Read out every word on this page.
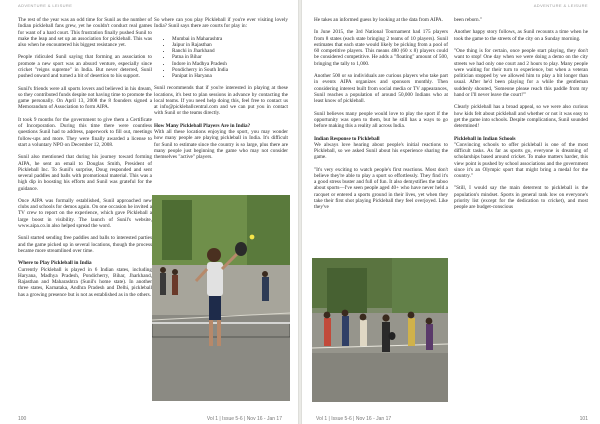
ADVENTURE & LEISURE

The rest of the year was an odd time for Sunil as the number of Indian pickleball fans grew, yet he couldn't conduct real games for want of a hard court. This frustration finally pushed Sunil to make the leap and set up an association for pickleball. This was also when he encountered his biggest resistance yet.

People ridiculed Sunil saying that forming an association to promote a new sport was an absurd venture, especially since cricket "reigns supreme" in India. But never deterred, Sunil pushed onward and turned a bit of desertion to his support.

Sunil's friends were all sports lovers and believed in his dream, so they contributed funds despite not having time to promote the game personally. On April 13, 2008 the 8 founders signed a Memorandum of Association to form AIPA.

It took 9 months for the government to give them a Certificate of Incorporation. During this time there were countless questions Sunil had to address, paperwork to fill out, meetings follow-ups and more. They were finally awarded a license to start a voluntary NPO on December 12, 2008.

Sunil also mentioned that during his journey toward forming AIPA, he sent an email to Douglas Smith, President of Pickleball Inc. To Sunil's surprise, Doug responded and sent several paddles and balls with promotional material. This was a high dip in boosting his efforts and Sunil was grateful for the guidance.

Once AIPA was formally established, Sunil approached new clubs and schools for demos again. On one occasion he invited a TV crew to report on the experience, which gave Pickleball a large boost in visibility. The launch of Sunil's website, www.aipa.co.in also helped spread the word.

Sunil started sending free paddles and balls to interested parties and the game picked up in several locations, though the process became more streamlined over time.

Where to Play Pickleball in India

Currently Pickleball is played in 6 Indian states, including Haryana, Madhya Pradesh, Pondicherry, Bihar, Jharkhand, Rajasthan and Maharashtra (Sunil's home state). In another three states, Karnataka, Andhra Pradesh and Delhi, pickleball has a growing presence but is not as established as in the others.

So where can you play Pickleball if you're ever visiting lovely India? Sunil says there are courts for play in:

• Mumbai in Maharashtra
• Jaipur in Rajasthan
• Ranchi in Jharkhand
• Patna in Bihar
• Indore in Madhya Pradesh
• Pondicherry in South India
• Panipat in Haryana

Sunil recommends that if you're interested in playing at these locations, it's best to plan sessions in advance by contacting the local teams. If you need help doing this, feel free to contact us at info@pickleballcentral.com and we can put you in contact with Sunil or the teams directly.

How Many Pickleball Players Are in India?

With all these locations enjoying the sport, you may wonder how many people are playing pickleball in India. It's difficult for Sunil to estimate since the country is so large, plus there are many people just beginning the game who may not consider themselves "active" players.

100	Vol 1 | Issue 5-6 | Nov 16 - Jan 17
ADVENTURE & LEISURE

He takes an informed guess by looking at the data from AIPA.

In June 2015, the 3rd National Tournament had 175 players from 8 states (each state bringing 2 teams of 10 players). Sunil estimates that each state would likely be picking from a pool of 60 competitive players. This means 480 (60 x 8) players could be considered competitive. He adds a "floating" amount of 500, bringing the tally to 1,000.

Another 500 or so individuals are curious players who take part in events AIPA organizes and sponsors monthly. Then considering interest built from social media or TV appearances, Sunil reaches a population of around 50,000 Indians who at least know of pickleball.

Sunil believes many people would love to play the sport if the opportunity was open to them, but he still has a ways to go before making this a reality all across India.

Indian Response to Pickleball

We always love hearing about people's initial reactions to Pickleball, so we asked Sunil about his experience sharing the game.

"It's very exciting to watch people's first reactions. Most don't believe they're able to play a sport so effortlessly. They find it's a good stress buster and full of fun. It also demystifies the taboo about sports—I've seen people aged 40+ who have never held a racquet or entered a sports ground in their lives, yet when they take their first shot playing Pickleball they feel overjoyed. Like they've

been reborn."

Another happy story follows, as Sunil recounts a time when he took the game to the streets of the city on a Sunday morning.

"One thing is for certain, once people start playing, they don't want to stop! One day when we were doing a demo on the city streets we had only one court and 2 hours to play. Many people were waiting for their turn to experience, but when a veteran politician stopped by we allowed him to play a bit longer than usual. After he'd been playing for a while the gentleman suddenly shouted, 'Someone please reach this paddle from my hand or I'll never leave the court!'"

Clearly pickleball has a broad appeal, so we were also curious how kids felt about pickleball and whether or not it was easy to get the game into schools. Despite complications, Sunil sounded determined!

Pickleball in Indian Schools

"Convincing schools to offer pickleball is one of the most difficult tasks. As far as sports go, everyone is dreaming of scholarships based around cricket. To make matters harder, this view point is pushed by school associations and the government since it's an Olympic sport that might bring a medal for the country."

"Still, I would say the main deterrent to pickleball is the population's mindset. Sports in general rank low on everyone's priority list (except for the dedication to cricket), and most people are budget-conscious

Vol 1 | Issue 5-6 | Nov 16 - Jan 17	101
